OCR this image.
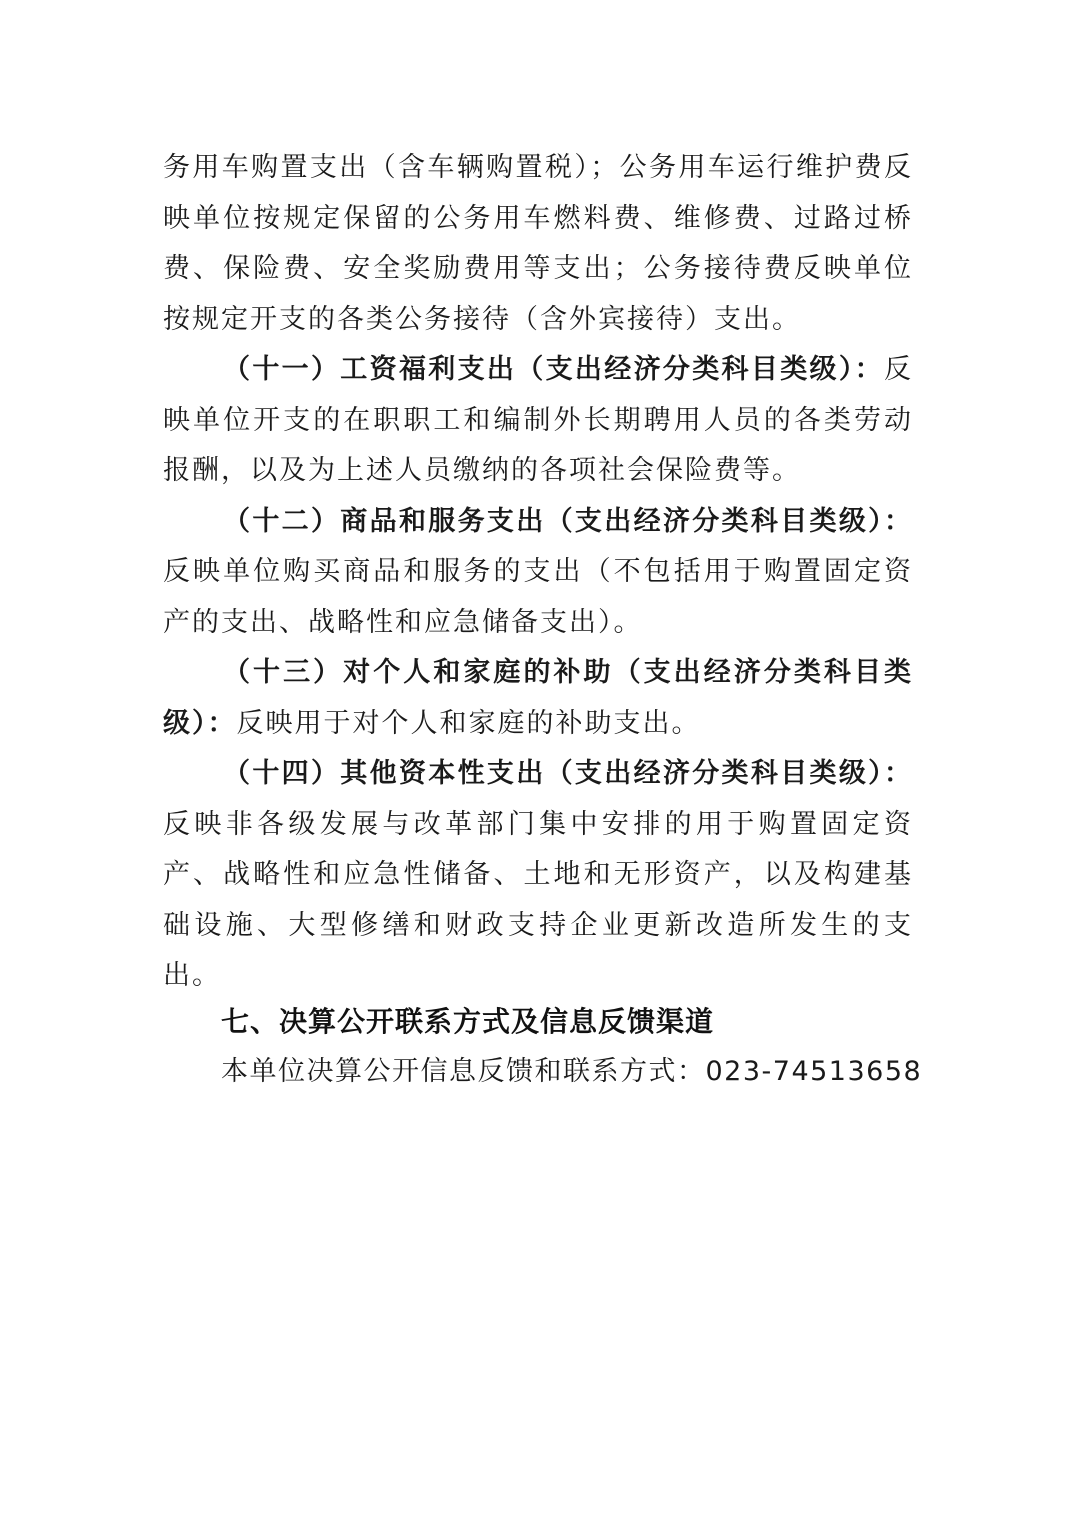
务用车购置支出（含车辆购置税）；公务用车运行维护费反映单位按规定保留的公务用车燃料费、维修费、过路过桥费、保险费、安全奖励费用等支出；公务接待费反映单位按规定开支的各类公务接待（含外宾接待）支出。

（十一）工资福利支出（支出经济分类科目类级）：反映单位开支的在职职工和编制外长期聘用人员的各类劳动报酬，以及为上述人员缴纳的各项社会保险费等。

（十二）商品和服务支出（支出经济分类科目类级）：反映单位购买商品和服务的支出（不包括用于购置固定资产的支出、战略性和应急储备支出）。

（十三）对个人和家庭的补助（支出经济分类科目类级）：反映用于对个人和家庭的补助支出。

（十四）其他资本性支出（支出经济分类科目类级）：反映非各级发展与改革部门集中安排的用于购置固定资产、战略性和应急性储备、土地和无形资产，以及构建基础设施、大型修缮和财政支持企业更新改造所发生的支出。

七、决算公开联系方式及信息反馈渠道

本单位决算公开信息反馈和联系方式：023-74513658
